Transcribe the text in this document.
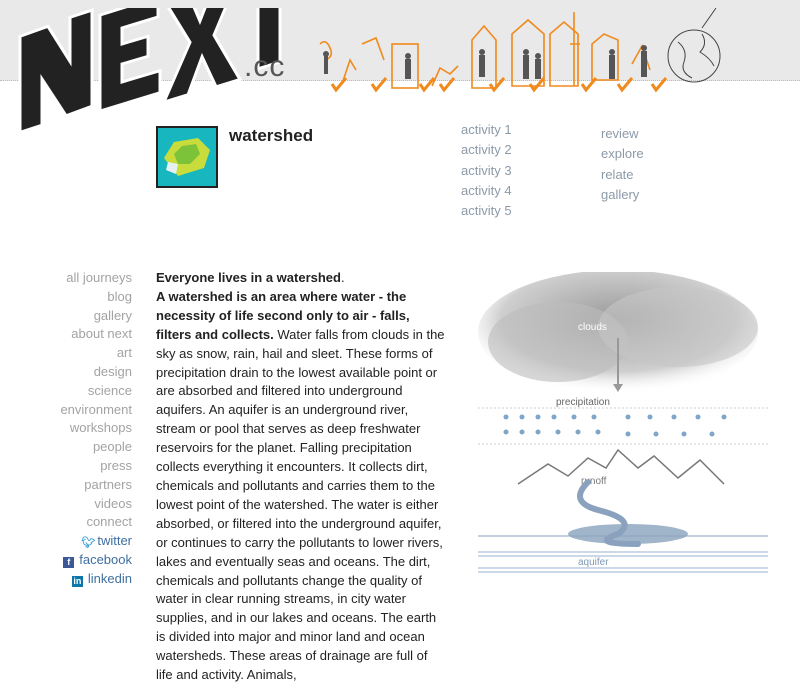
.cc
watershed	activity 1
activity 2
activity 3
activity 4
activity 5
review
explore
relate
gallery
all journeys
blog
gallery
about next
art
design
science
environment
workshops
people
press
partners
videos
connect
🐦︎ twitter
f facebook
in linkedin

Everyone lives in a watershed.

A watershed is an area where water - the necessity of life second only to air - falls, filters and collects. Water falls from clouds in the sky as snow, rain, hail and sleet. These forms of precipitation drain to the lowest available point or are absorbed and filtered into underground aquifers. An aquifer is an underground river, stream or pool that serves as deep freshwater reservoirs for the planet. Falling precipitation collects everything it encounters. It collects dirt, chemicals and pollutants and carries them to the lowest point of the watershed. The water is either absorbed, or filtered into the underground aquifer, or continues to carry the pollutants to lower rivers, lakes and eventually seas and oceans. The dirt, chemicals and pollutants change the quality of water in clear running streams, in city water supplies, and in our lakes and oceans. The earth is divided into major and minor land and ocean watersheds. These areas of drainage are full of life and activity. Animals,

clouds
precipitation
runoff
aquifer
